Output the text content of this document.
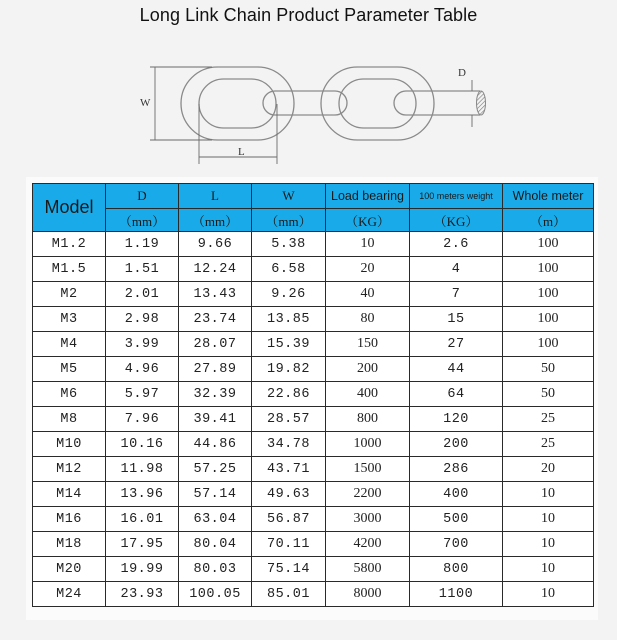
Long Link Chain Product Parameter Table
W
L
D
Model	D	L	W	Load bearing	100 meters weight	Whole meter
	（mm）	（mm）	（mm）	（KG）	（KG）	（m）
M1.2	1.19	9.66	5.38	10	2.6	100
M1.5	1.51	12.24	6.58	20	4	100
M2	2.01	13.43	9.26	40	7	100
M3	2.98	23.74	13.85	80	15	100
M4	3.99	28.07	15.39	150	27	100
M5	4.96	27.89	19.82	200	44	50
M6	5.97	32.39	22.86	400	64	50
M8	7.96	39.41	28.57	800	120	25
M10	10.16	44.86	34.78	1000	200	25
M12	11.98	57.25	43.71	1500	286	20
M14	13.96	57.14	49.63	2200	400	10
M16	16.01	63.04	56.87	3000	500	10
M18	17.95	80.04	70.11	4200	700	10
M20	19.99	80.03	75.14	5800	800	10
M24	23.93	100.05	85.01	8000	1100	10
